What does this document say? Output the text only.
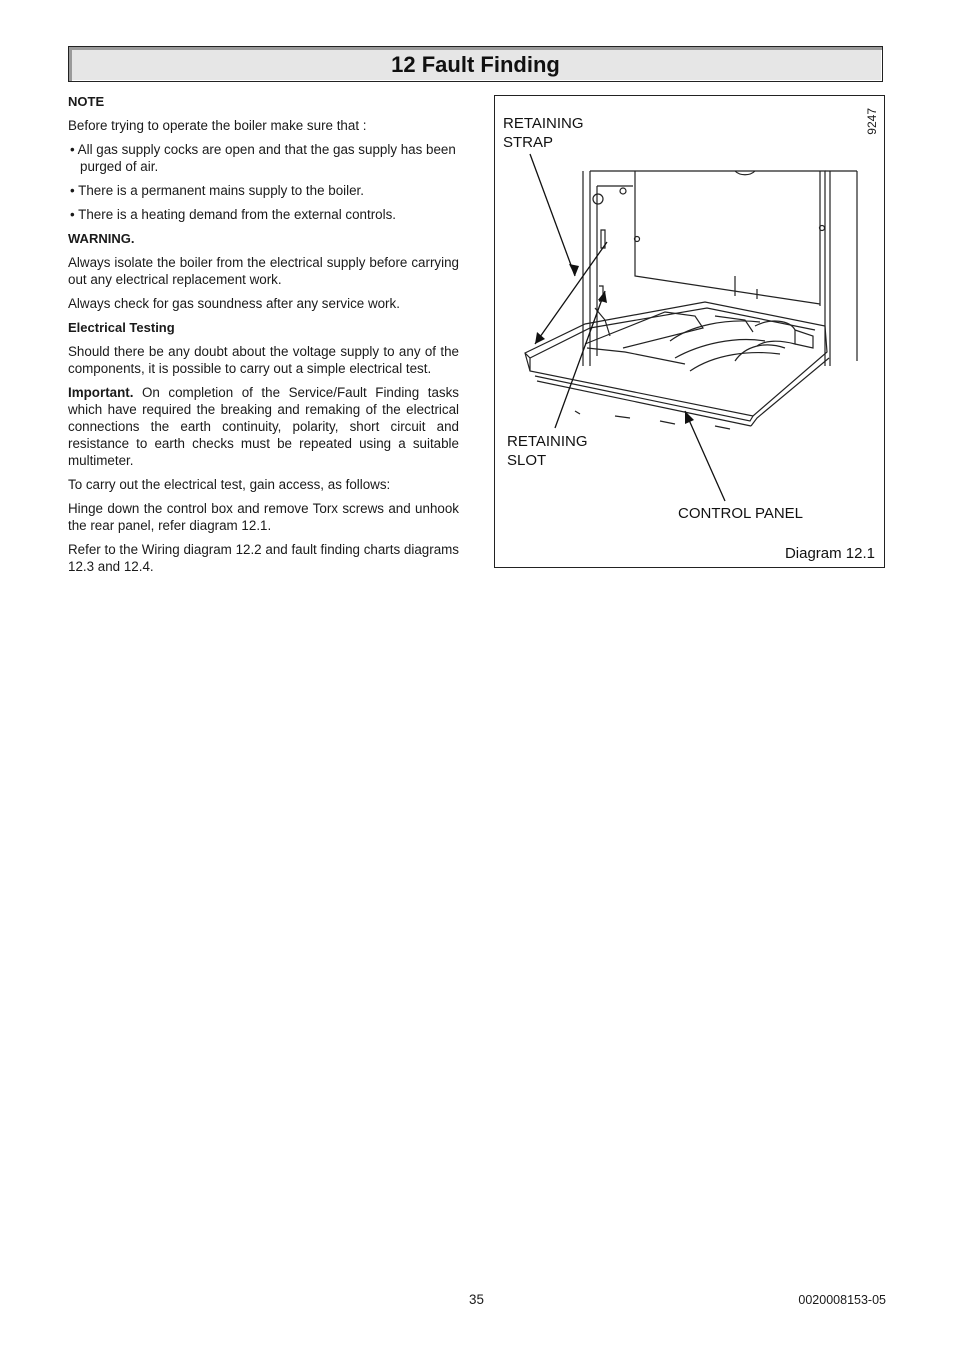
12 Fault Finding

NOTE

Before trying to operate the boiler make sure that :

• All gas supply cocks are open and that the gas supply has been purged of air.

• There is a permanent mains supply to the boiler.

• There is a heating demand from the external controls.

WARNING.

Always isolate the boiler from the electrical supply before carrying out any electrical replacement work.

Always check for gas soundness after any service work.

Electrical Testing

Should there be any doubt about the voltage supply to any of the components, it is possible to carry out a simple electrical test.

Important. On completion of the Service/Fault Finding tasks which have required the breaking and remaking of the electrical connections the earth continuity, polarity, short circuit and resistance to earth checks must be repeated using a suitable multimeter.

To carry out the electrical test, gain access, as follows:

Hinge down the control box and remove Torx screws and unhook the rear panel, refer diagram 12.1.

Refer to the Wiring diagram 12.2 and fault finding charts diagrams 12.3 and 12.4.

RETAINING
STRAP
RETAINING
SLOT
CONTROL PANEL
Diagram 12.1
9247
35	0020008153-05
